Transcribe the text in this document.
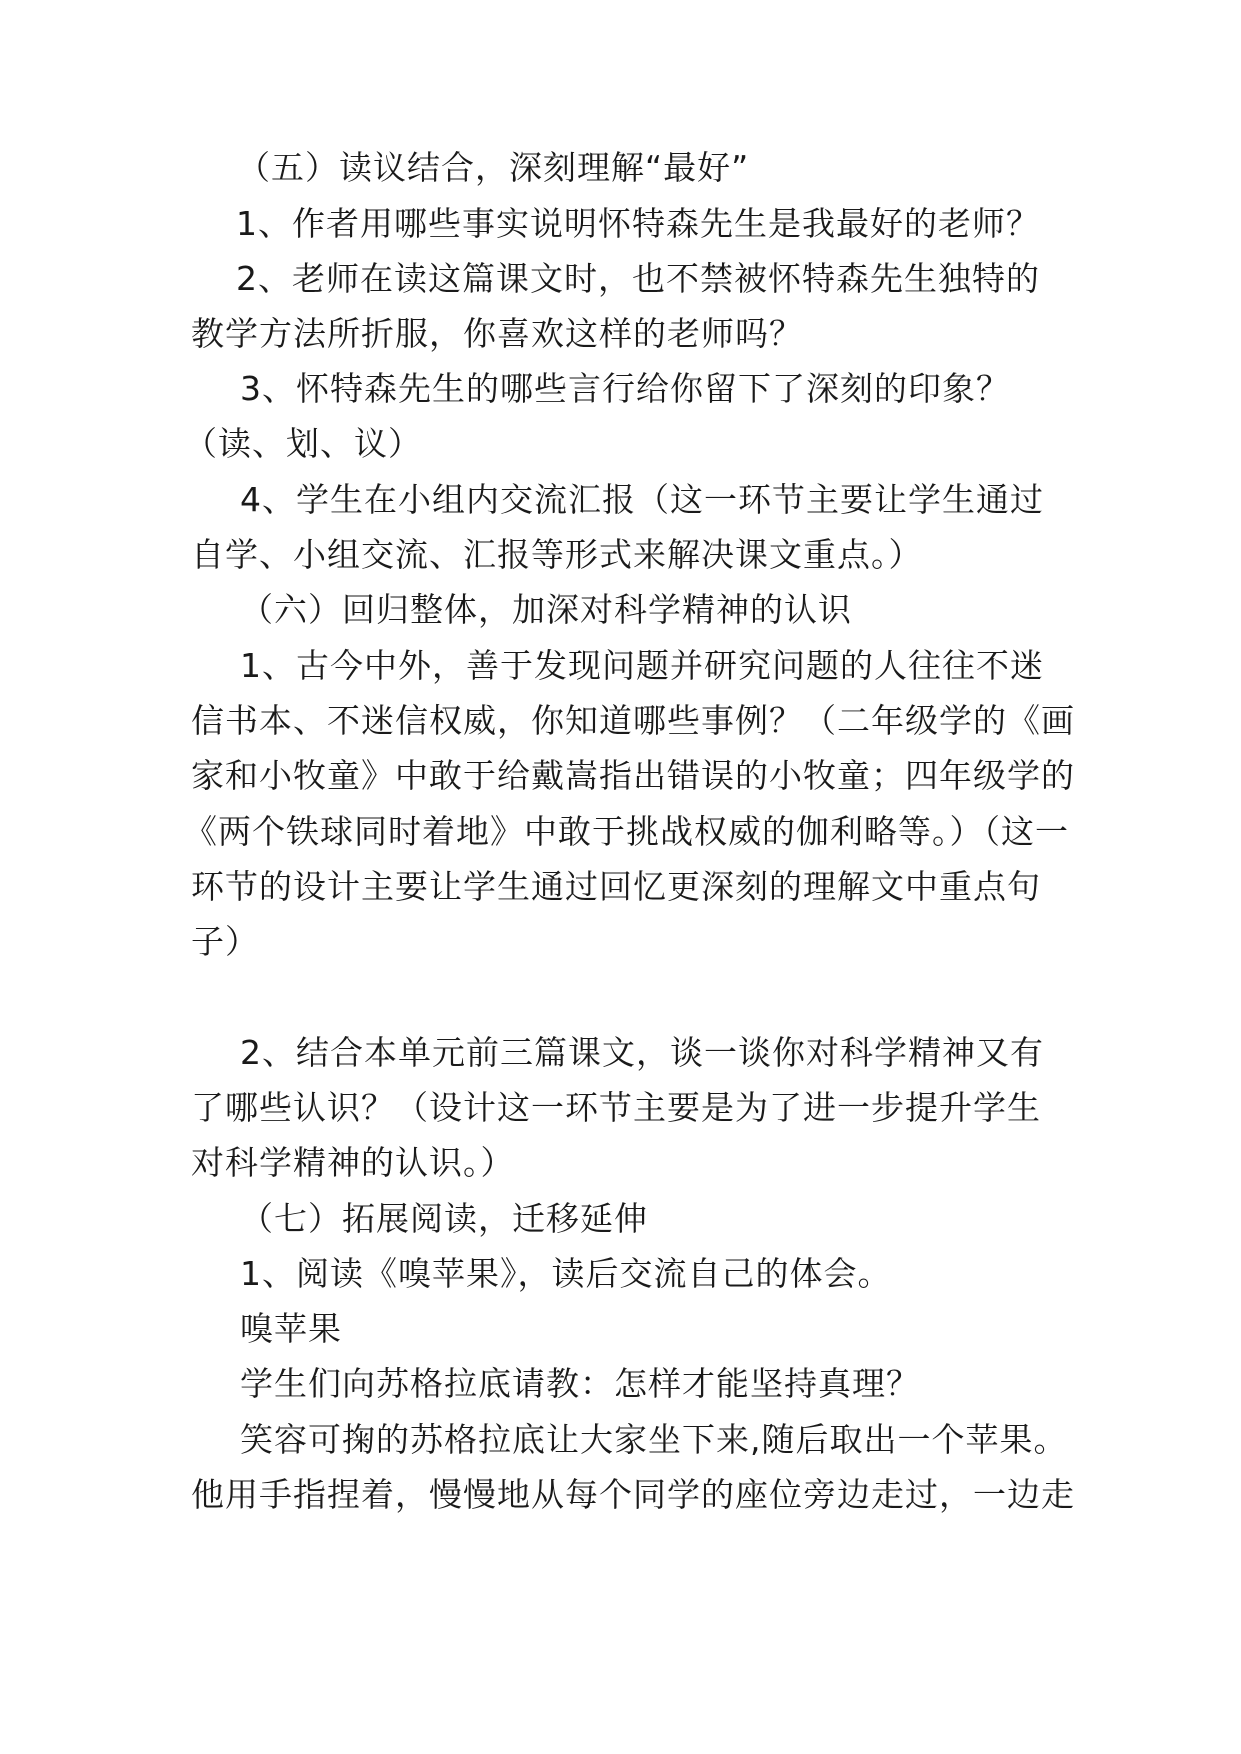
（五）读议结合，深刻理解“最好”
1、作者用哪些事实说明怀特森先生是我最好的老师？
2、老师在读这篇课文时，也不禁被怀特森先生独特的
教学方法所折服，你喜欢这样的老师吗？
3、怀特森先生的哪些言行给你留下了深刻的印象？
（读、划、议）
4、学生在小组内交流汇报（这一环节主要让学生通过
自学、小组交流、汇报等形式来解决课文重点。）
（六）回归整体，加深对科学精神的认识
1、古今中外，善于发现问题并研究问题的人往往不迷
信书本、不迷信权威，你知道哪些事例？（二年级学的《画
家和小牧童》中敢于给戴嵩指出错误的小牧童；四年级学的
《两个铁球同时着地》中敢于挑战权威的伽利略等。）（这一
环节的设计主要让学生通过回忆更深刻的理解文中重点句
子）
2、结合本单元前三篇课文，谈一谈你对科学精神又有
了哪些认识？（设计这一环节主要是为了进一步提升学生
对科学精神的认识。）
（七）拓展阅读，迁移延伸
1、阅读《嗅苹果》，读后交流自己的体会。
嗅苹果
学生们向苏格拉底请教：怎样才能坚持真理？
笑容可掬的苏格拉底让大家坐下来,随后取出一个苹果。
他用手指捏着，慢慢地从每个同学的座位旁边走过，一边走
